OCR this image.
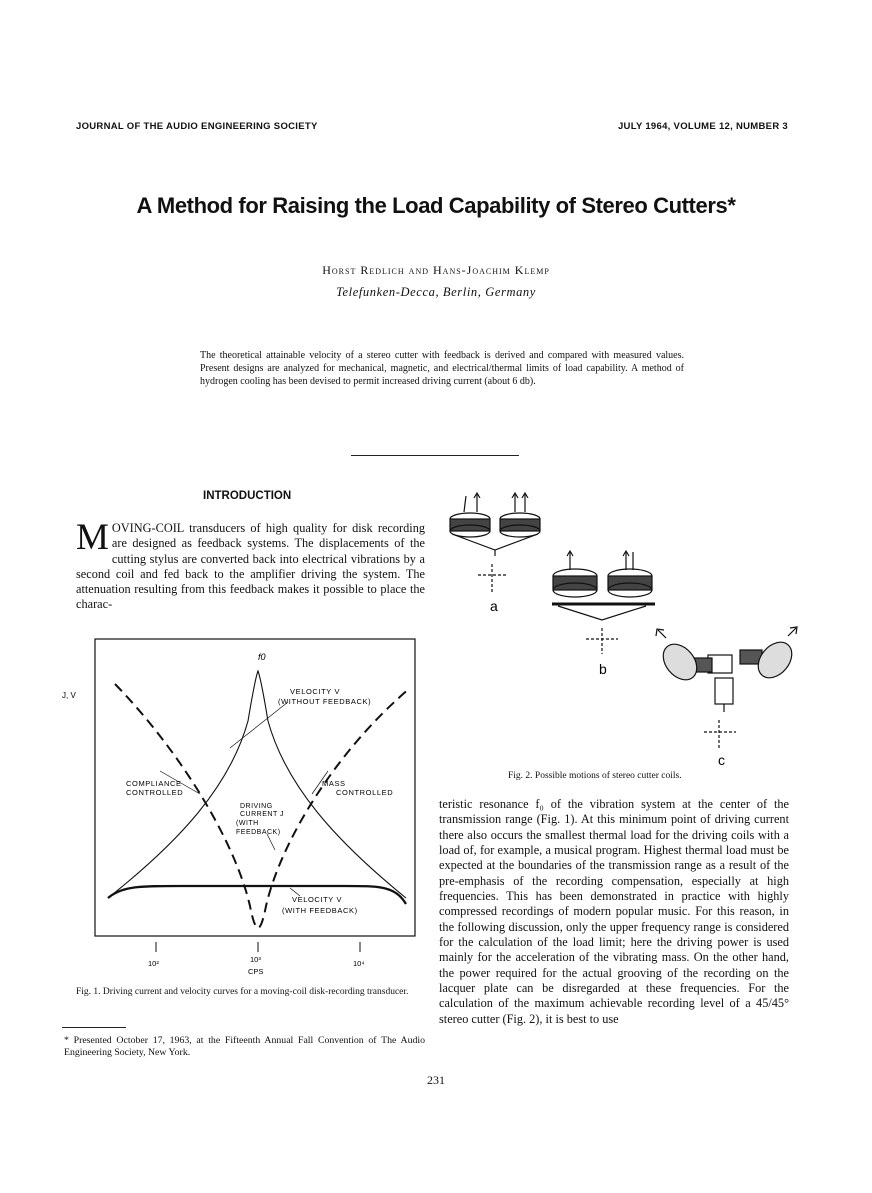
JOURNAL OF THE AUDIO ENGINEERING SOCIETY	JULY 1964, VOLUME 12, NUMBER 3
A Method for Raising the Load Capability of Stereo Cutters*
Horst Redlich and Hans-Joachim Klemp
Telefunken-Decca, Berlin, Germany
The theoretical attainable velocity of a stereo cutter with feedback is derived and compared with measured values. Present designs are analyzed for mechanical, magnetic, and electrical/thermal limits of load capability. A method of hydrogen cooling has been devised to permit increased driving current (about 6 db).
INTRODUCTION
MOVING-COIL transducers of high quality for disk recording are designed as feedback systems. The displacements of the cutting stylus are converted back into electrical vibrations by a second coil and fed back to the amplifier driving the system. The attenuation resulting from this feedback makes it possible to place the charac-
J, V
f0
VELOCITY V
(WITHOUT FEEDBACK)
COMPLIANCE
CONTROLLED
MASS
CONTROLLED
DRIVING
CURRENT J
(WITH
FEEDBACK)
VELOCITY V
(WITH FEEDBACK)
10²	10³	10⁴
CPS
Fig. 1. Driving current and velocity curves for a moving-coil disk-recording transducer.
* Presented October 17, 1963, at the Fifteenth Annual Fall Convention of The Audio Engineering Society, New York.
a
b
c
Fig. 2. Possible motions of stereo cutter coils.
teristic resonance f₀ of the vibration system at the center of the transmission range (Fig. 1). At this minimum point of driving current there also occurs the smallest thermal load for the driving coils with a load of, for example, a musical program. Highest thermal load must be expected at the boundaries of the transmission range as a result of the pre-emphasis of the recording compensation, especially at high frequencies. This has been demonstrated in practice with highly compressed recordings of modern popular music. For this reason, in the following discussion, only the upper frequency range is considered for the calculation of the load limit; here the driving power is used mainly for the acceleration of the vibrating mass. On the other hand, the power required for the actual grooving of the recording on the lacquer plate can be disregarded at these frequencies. For the calculation of the maximum achievable recording level of a 45/45° stereo cutter (Fig. 2), it is best to use
231
